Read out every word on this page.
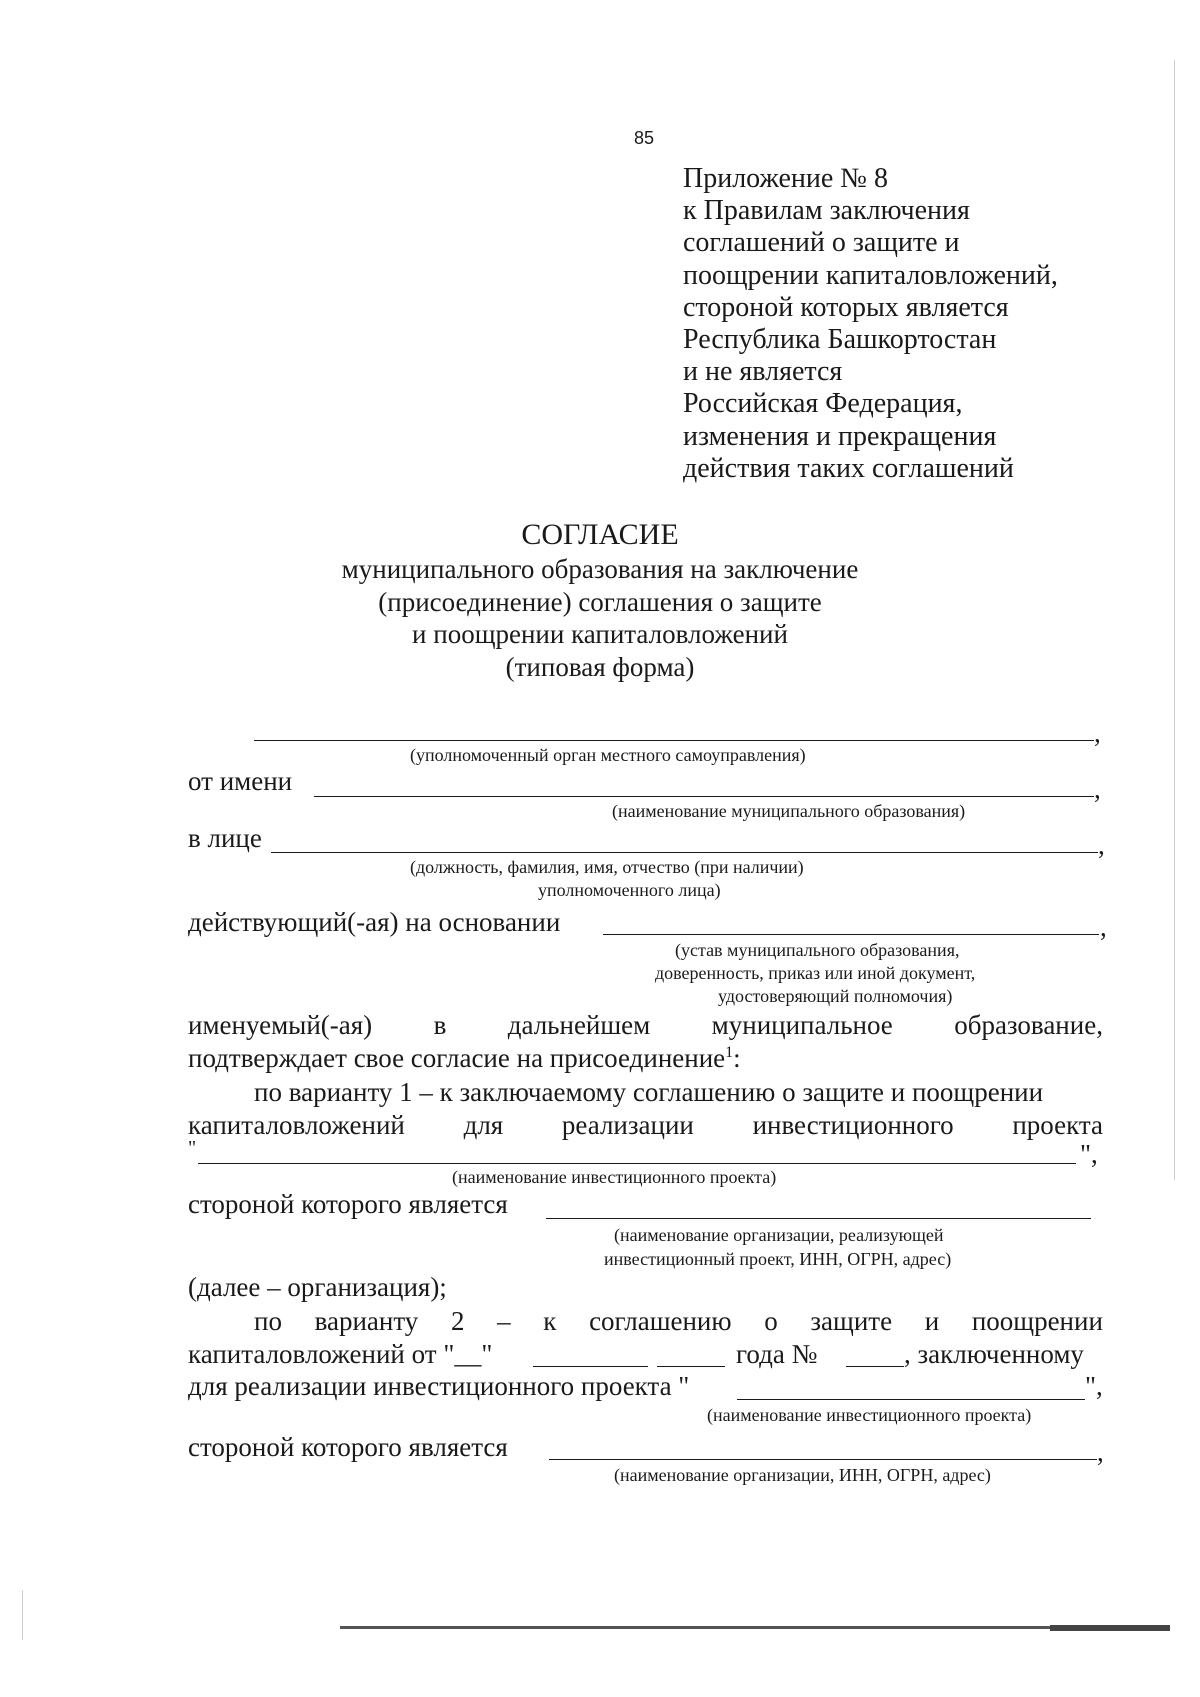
85
Приложение № 8
к Правилам заключения
соглашений о защите и
поощрении капиталовложений,
стороной которых является
Республика Башкортостан
и не является
Российская Федерация,
изменения и прекращения
действия таких соглашений
СОГЛАСИЕ
муниципального образования на заключение
(присоединение) соглашения о защите
и поощрении капиталовложений
(типовая форма)
,
(уполномоченный орган местного самоуправления)
от имени	,
(наименование муниципального образования)
в лице	,
(должность, фамилия, имя, отчество (при наличии)
уполномоченного лица)
действующий(-ая) на основании	,
(устав муниципального образования,
доверенность, приказ или иной документ,
удостоверяющий полномочия)
именуемый(-ая) в дальнейшем муниципальное образование,
подтверждает свое согласие на присоединение$^1$:
по варианту 1 – к заключаемому соглашению о защите и поощрении
капиталовложений для реализации инвестиционного проекта
"	",
(наименование инвестиционного проекта)
стороной которого является
(наименование организации, реализующей
инвестиционный проект, ИНН, ОГРН, адрес)
(далее – организация);
по варианту 2 – к соглашению о защите и поощрении
капиталовложений от "__"	года №	, заключенному
для реализации инвестиционного проекта "	",
(наименование инвестиционного проекта)
стороной которого является	,
(наименование организации, ИНН, ОГРН, адрес)
